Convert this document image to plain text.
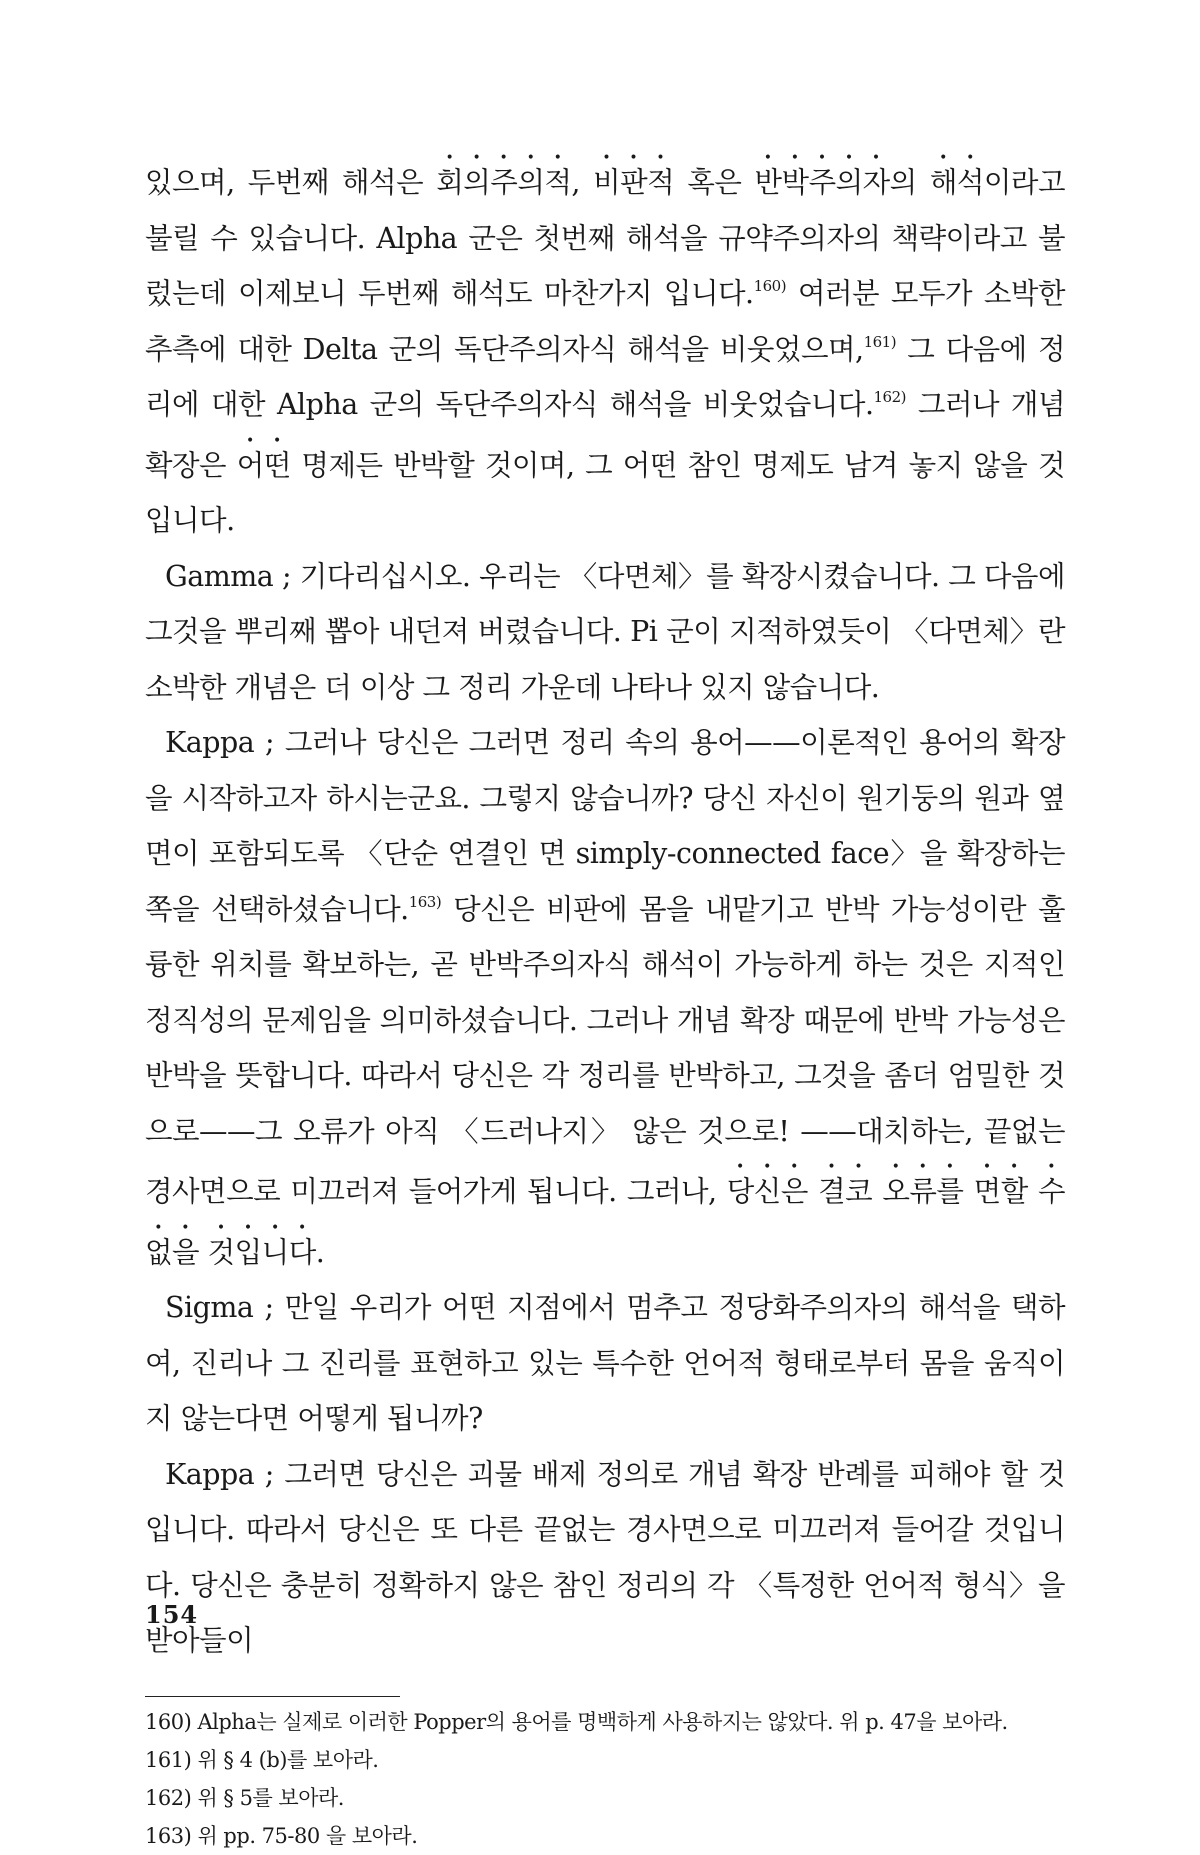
있으며, 두번째 해석은 회의주의적, 비판적 혹은 반박주의자의 해석이라고 불릴 수 있습니다. Alpha 군은 첫번째 해석을 규약주의자의 책략이라고 불렀는데 이제보니 두번째 해석도 마찬가지 입니다.$^{160)}$ 여러분 모두가 소박한 추측에 대한 Delta 군의 독단주의자식 해석을 비웃었으며,$^{161)}$ 그 다음에 정리에 대한 Alpha 군의 독단주의자식 해석을 비웃었습니다.$^{162)}$ 그러나 개념 확장은 어떤 명제든 반박할 것이며, 그 어떤 참인 명제도 남겨 놓지 않을 것입니다.

Gamma ; 기다리십시오. 우리는 〈다면체〉를 확장시켰습니다. 그 다음에 그것을 뿌리째 뽑아 내던져 버렸습니다. Pi 군이 지적하였듯이 〈다면체〉란 소박한 개념은 더 이상 그 정리 가운데 나타나 있지 않습니다.

Kappa ; 그러나 당신은 그러면 정리 속의 용어——이론적인 용어의 확장을 시작하고자 하시는군요. 그렇지 않습니까? 당신 자신이 원기둥의 원과 옆면이 포함되도록 〈단순 연결인 면 simply-connected face〉을 확장하는 쪽을 선택하셨습니다.$^{163)}$ 당신은 비판에 몸을 내맡기고 반박 가능성이란 훌륭한 위치를 확보하는, 곧 반박주의자식 해석이 가능하게 하는 것은 지적인 정직성의 문제임을 의미하셨습니다. 그러나 개념 확장 때문에 반박 가능성은 반박을 뜻합니다. 따라서 당신은 각 정리를 반박하고, 그것을 좀더 엄밀한 것으로——그 오류가 아직 〈드러나지〉 않은 것으로! ——대치하는, 끝없는 경사면으로 미끄러져 들어가게 됩니다. 그러나, 당신은 결코 오류를 면할 수 없을 것입니다.

Sigma ; 만일 우리가 어떤 지점에서 멈추고 정당화주의자의 해석을 택하여, 진리나 그 진리를 표현하고 있는 특수한 언어적 형태로부터 몸을 움직이지 않는다면 어떻게 됩니까?

Kappa ; 그러면 당신은 괴물 배제 정의로 개념 확장 반례를 피해야 할 것입니다. 따라서 당신은 또 다른 끝없는 경사면으로 미끄러져 들어갈 것입니다. 당신은 충분히 정확하지 않은 참인 정리의 각 〈특정한 언어적 형식〉을 받아들이

160) Alpha는 실제로 이러한 Popper의 용어를 명백하게 사용하지는 않았다. 위 p. 47을 보아라.

161) 위 § 4 (b)를 보아라.

162) 위 § 5를 보아라.

163) 위 pp. 75-80 을 보아라.

154
